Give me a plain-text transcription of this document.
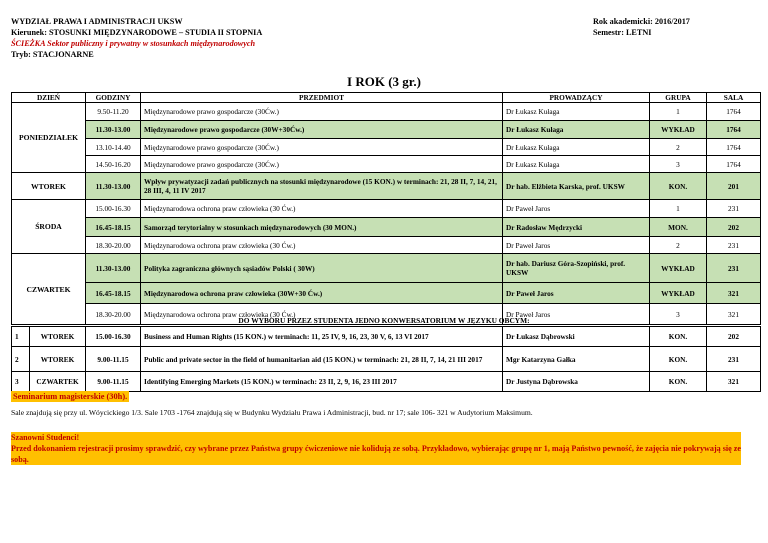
WYDZIAŁ PRAWA I ADMINISTRACJI UKSW
Kierunek: STOSUNKI MIĘDZYNARODOWE – STUDIA II STOPNIA
ŚCIEŻKA Sektor publiczny i prywatny w stosunkach międzynarodowych
Tryb: STACJONARNE
Rok akademicki: 2016/2017
Semestr: LETNI
I ROK (3 gr.)
DZIEŃ	GODZINY	PRZEDMIOT	PROWADZĄCY	GRUPA	SALA
PONIEDZIAŁEK	9.50-11.20	Międzynarodowe prawo gospodarcze (30Ćw.)	Dr Łukasz Kułaga	1	1764
	11.30-13.00	Międzynarodowe prawo gospodarcze (30W+30Ćw.)	Dr Łukasz Kułaga	WYKŁAD	1764
	13.10-14.40	Międzynarodowe prawo gospodarcze (30Ćw.)	Dr Łukasz Kułaga	2	1764
	14.50-16.20	Międzynarodowe prawo gospodarcze (30Ćw.)	Dr Łukasz Kułaga	3	1764
WTOREK	11.30-13.00	Wpływ prywatyzacji zadań publicznych na stosunki międzynarodowe (15 KON.) w terminach: 21, 28 II, 7, 14, 21, 28 III, 4, 11 IV 2017	Dr hab. Elżbieta Karska, prof. UKSW	KON.	201
ŚRODA	15.00-16.30	Międzynarodowa ochrona praw człowieka (30 Ćw.)	Dr Paweł Jaros	1	231
	16.45-18.15	Samorząd terytorialny w stosunkach międzynarodowych (30 MON.)	Dr Radosław Mędrzycki	MON.	202
	18.30-20.00	Międzynarodowa ochrona praw człowieka (30 Ćw.)	Dr Paweł Jaros	2	231
CZWARTEK	11.30-13.00	Polityka zagraniczna głównych sąsiadów Polski ( 30W)	Dr hab. Dariusz Góra-Szopiński, prof. UKSW	WYKŁAD	231
	16.45-18.15	Międzynarodowa ochrona praw człowieka (30W+30 Ćw.)	Dr Paweł Jaros	WYKŁAD	321
	18.30-20.00	Międzynarodowa ochrona praw człowieka (30 Ćw.)	Dr Paweł Jaros	3	321
DO WYBORU PRZEZ STUDENTA JEDNO KONWERSATORIUM W JĘZYKU OBCYM:
1	WTOREK	15.00-16.30	Business and Human Rights (15 KON.) w terminach: 11, 25 IV, 9, 16, 23, 30 V, 6, 13 VI 2017	Dr Łukasz Dąbrowski	KON.	202
2	WTOREK	9.00-11.15	Public and private sector in the field of humanitarian aid (15 KON.) w terminach: 21, 28 II, 7, 14, 21 III 2017	Mgr Katarzyna Gałka	KON.	231
3	CZWARTEK	9.00-11.15	Identifying Emerging Markets (15 KON.) w terminach: 23 II, 2, 9, 16, 23 III 2017	Dr Justyna Dąbrowska	KON.	321
Seminarium magisterskie (30h).
Sale znajdują się przy ul. Wóycickiego 1/3. Sale 1703 -1764 znajdują się w Budynku Wydziału Prawa i Administracji, bud. nr 17; sale 106- 321 w Audytorium Maksimum.
Szanowni Studenci!
Przed dokonaniem rejestracji prosimy sprawdzić, czy wybrane przez Państwa grupy ćwiczeniowe nie kolidują ze sobą. Przykładowo, wybierając grupę nr 1, mają Państwo pewność, że zajęcia nie pokrywają się ze sobą.
